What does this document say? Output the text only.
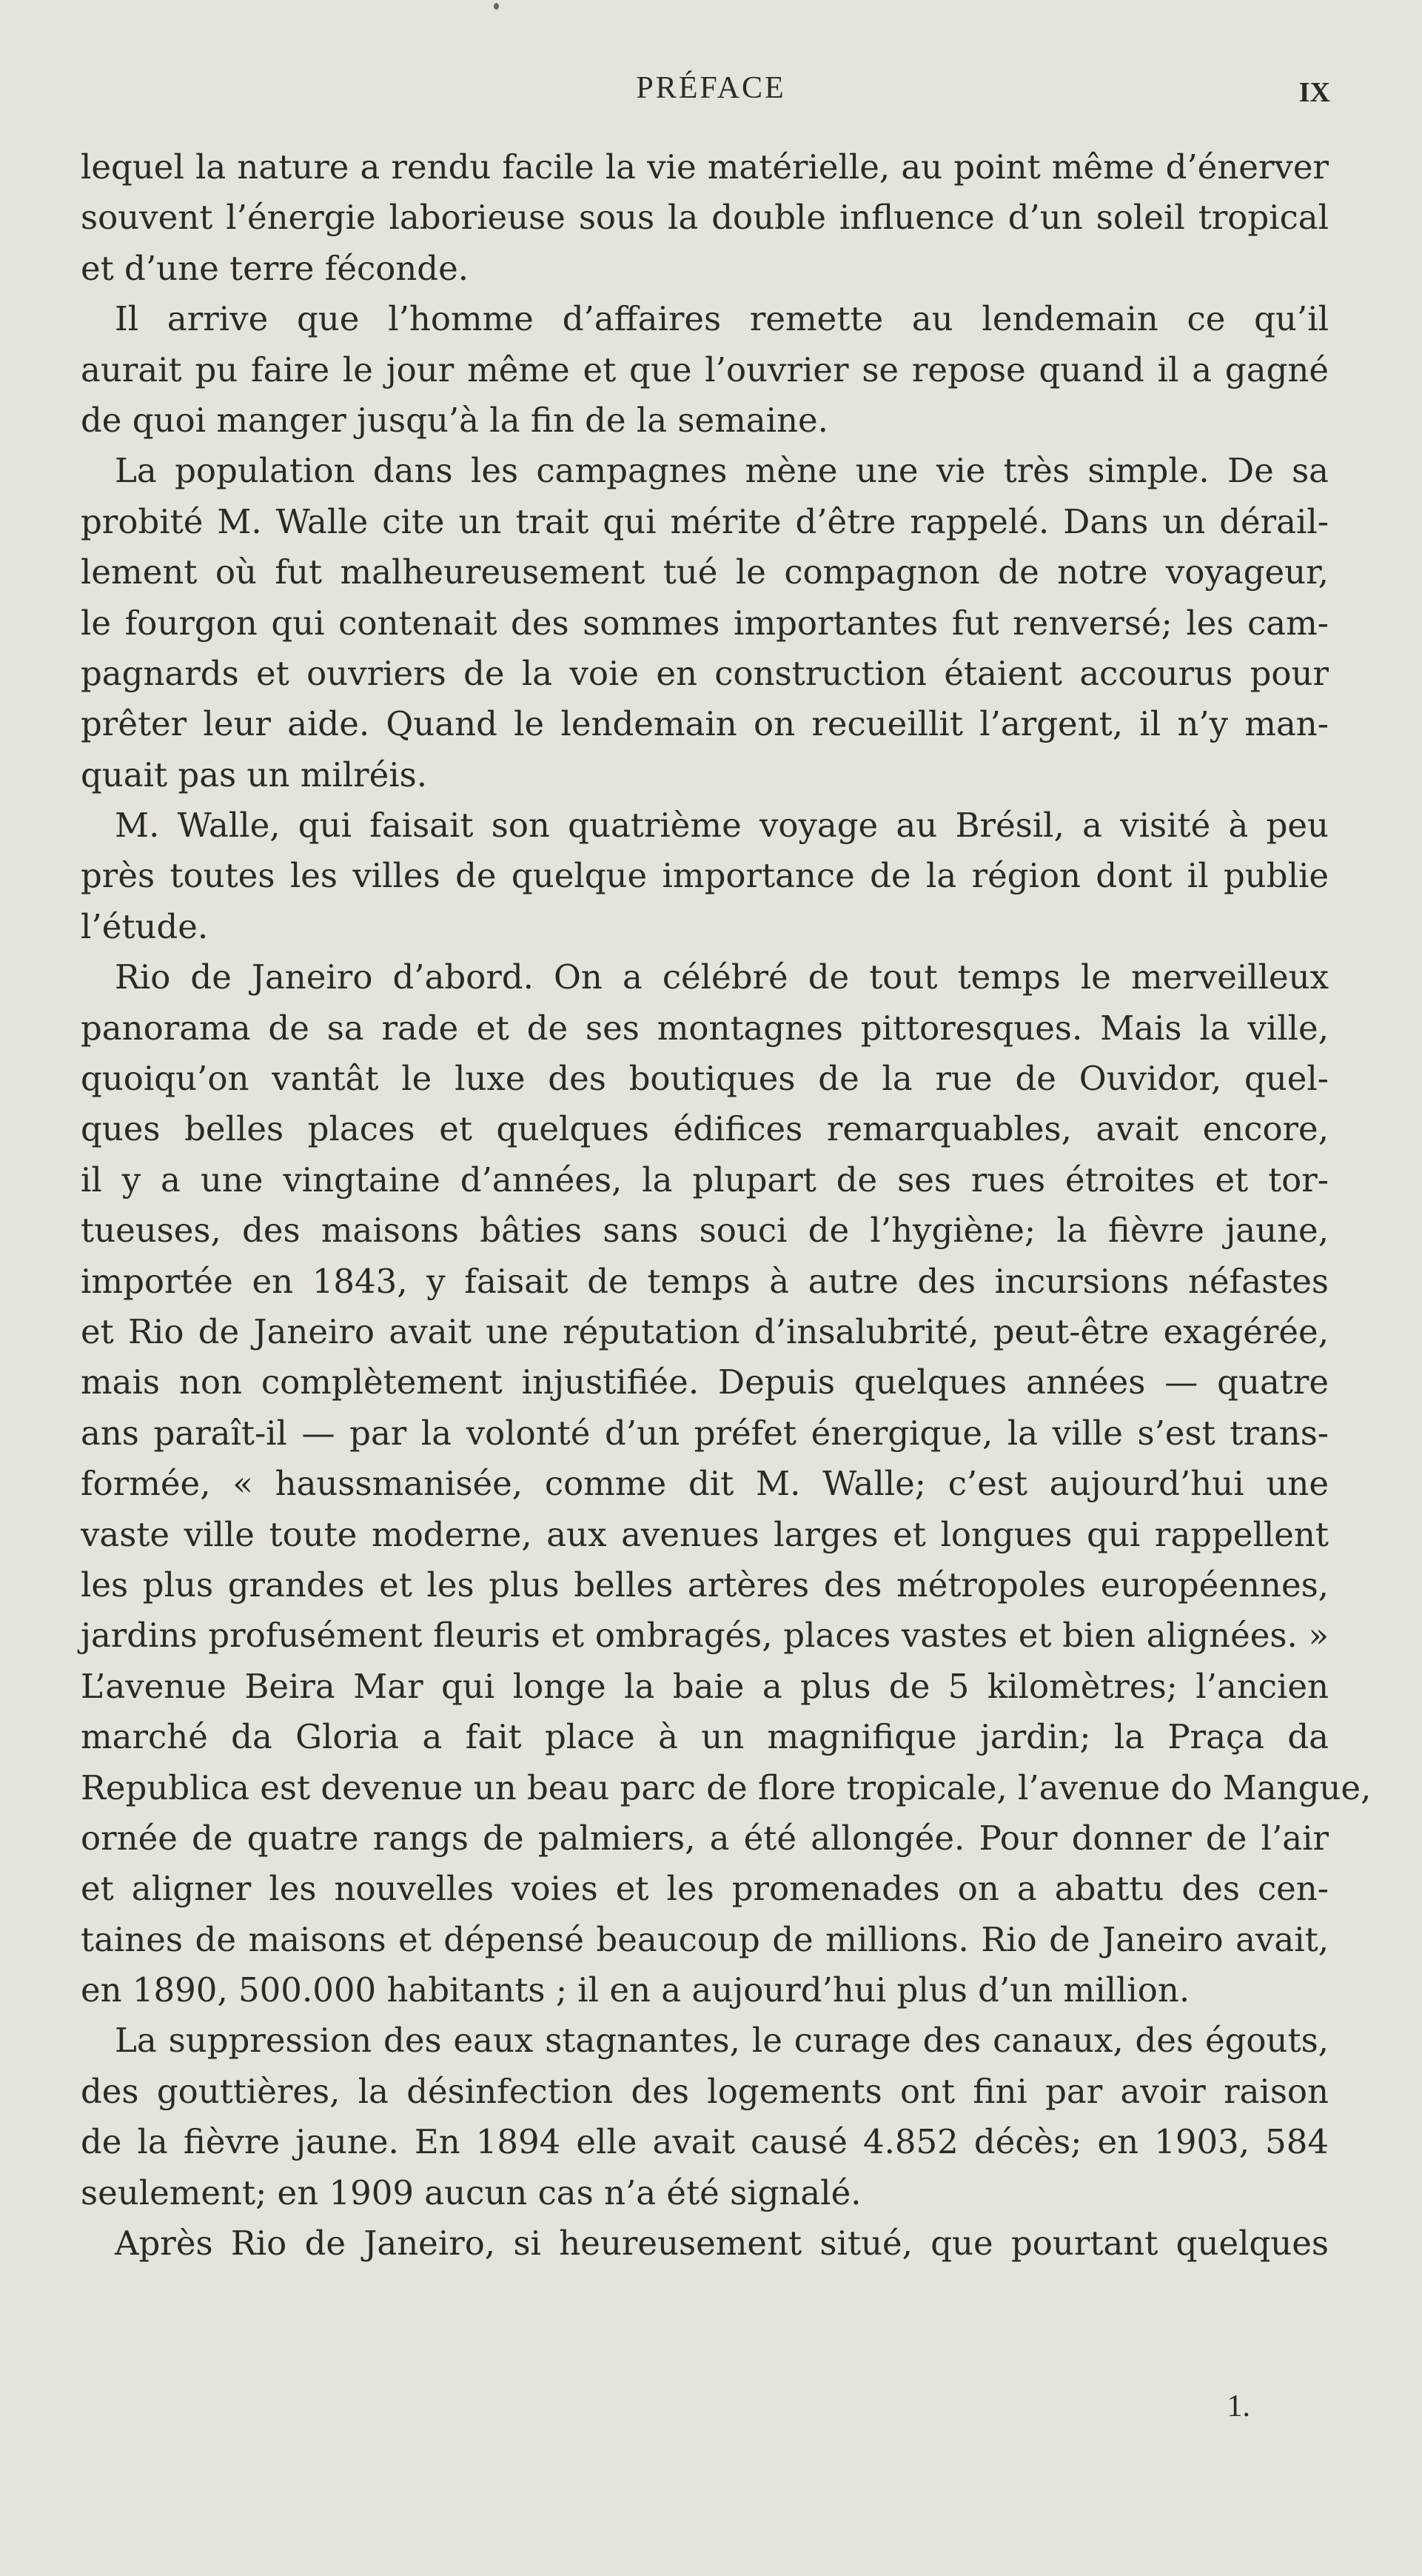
PRÉFACE	IX
lequel la nature a rendu facile la vie matérielle, au point même d’énerver
souvent l’énergie laborieuse sous la double influence d’un soleil tropical
et d’une terre féconde.
Il arrive que l’homme d’affaires remette au lendemain ce qu’il
aurait pu faire le jour même et que l’ouvrier se repose quand il a gagné
de quoi manger jusqu’à la fin de la semaine.
La population dans les campagnes mène une vie très simple. De sa
probité M. Walle cite un trait qui mérite d’être rappelé. Dans un dérail-
lement où fut malheureusement tué le compagnon de notre voyageur,
le fourgon qui contenait des sommes importantes fut renversé; les cam-
pagnards et ouvriers de la voie en construction étaient accourus pour
prêter leur aide. Quand le lendemain on recueillit l’argent, il n’y man-
quait pas un milréis.
M. Walle, qui faisait son quatrième voyage au Brésil, a visité à peu
près toutes les villes de quelque importance de la région dont il publie
l’étude.
Rio de Janeiro d’abord. On a célébré de tout temps le merveilleux
panorama de sa rade et de ses montagnes pittoresques. Mais la ville,
quoiqu’on vantât le luxe des boutiques de la rue de Ouvidor, quel-
ques belles places et quelques édifices remarquables, avait encore,
il y a une vingtaine d’années, la plupart de ses rues étroites et tor-
tueuses, des maisons bâties sans souci de l’hygiène; la fièvre jaune,
importée en 1843, y faisait de temps à autre des incursions néfastes
et Rio de Janeiro avait une réputation d’insalubrité, peut-être exagérée,
mais non complètement injustifiée. Depuis quelques années — quatre
ans paraît-il — par la volonté d’un préfet énergique, la ville s’est trans-
formée, « haussmanisée, comme dit M. Walle; c’est aujourd’hui une
vaste ville toute moderne, aux avenues larges et longues qui rappellent
les plus grandes et les plus belles artères des métropoles européennes,
jardins profusément fleuris et ombragés, places vastes et bien alignées. »
L’avenue Beira Mar qui longe la baie a plus de 5 kilomètres; l’ancien
marché da Gloria a fait place à un magnifique jardin; la Praça da
Republica est devenue un beau parc de flore tropicale, l’avenue do Mangue,
ornée de quatre rangs de palmiers, a été allongée. Pour donner de l’air
et aligner les nouvelles voies et les promenades on a abattu des cen-
taines de maisons et dépensé beaucoup de millions. Rio de Janeiro avait,
en 1890, 500.000 habitants ; il en a aujourd’hui plus d’un million.
La suppression des eaux stagnantes, le curage des canaux, des égouts,
des gouttières, la désinfection des logements ont fini par avoir raison
de la fièvre jaune. En 1894 elle avait causé 4.852 décès; en 1903, 584
seulement; en 1909 aucun cas n’a été signalé.
Après Rio de Janeiro, si heureusement situé, que pourtant quelques
1.
